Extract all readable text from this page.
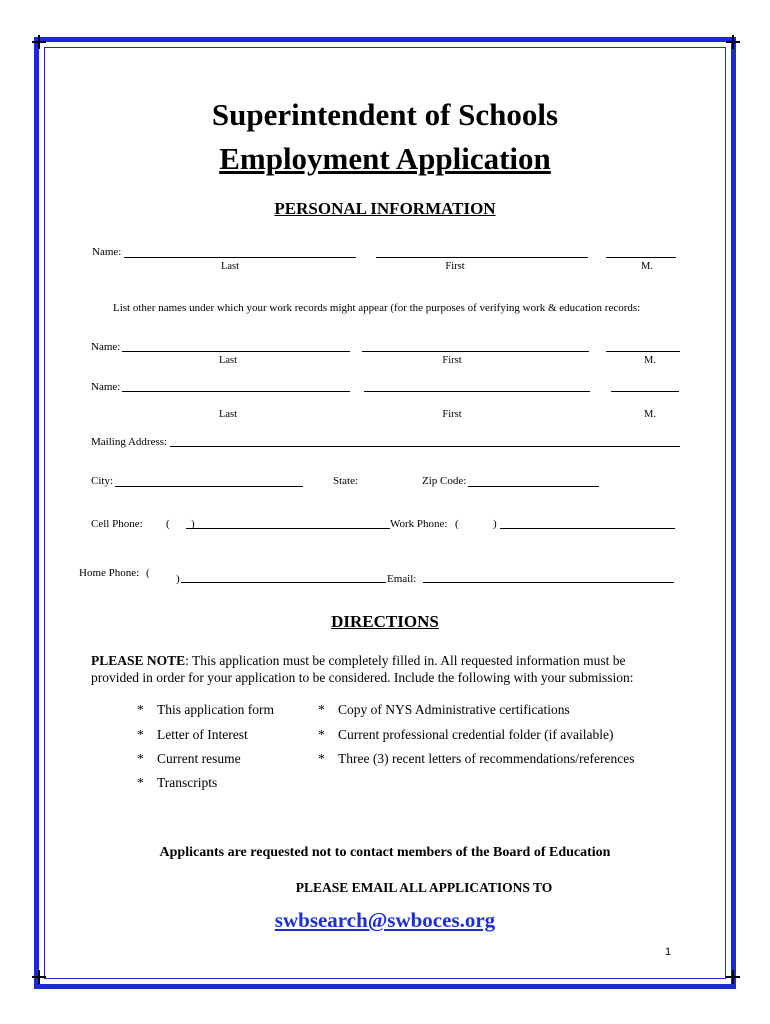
Superintendent of Schools
Employment Application
PERSONAL INFORMATION
Name:
Last	First	M.
List other names under which your work records might appear (for the purposes of verifying work & education records:
Name:
Last	First	M.
Name:
Last	First	M.
Mailing Address:
City:	State:	Zip Code:
Cell Phone: ( )	Work Phone: (	)
Home Phone: ( )	Email:
DIRECTIONS
PLEASE NOTE: This application must be completely filled in. All requested information must be
provided in order for your application to be considered. Include the following with your submission:
* This application form
* Letter of Interest
* Current resume
* Transcripts
* Copy of NYS Administrative certifications
* Current professional credential folder (if available)
* Three (3) recent letters of recommendations/references
Applicants are requested not to contact members of the Board of Education
PLEASE EMAIL ALL APPLICATIONS TO
swbsearch@swboces.org
1
